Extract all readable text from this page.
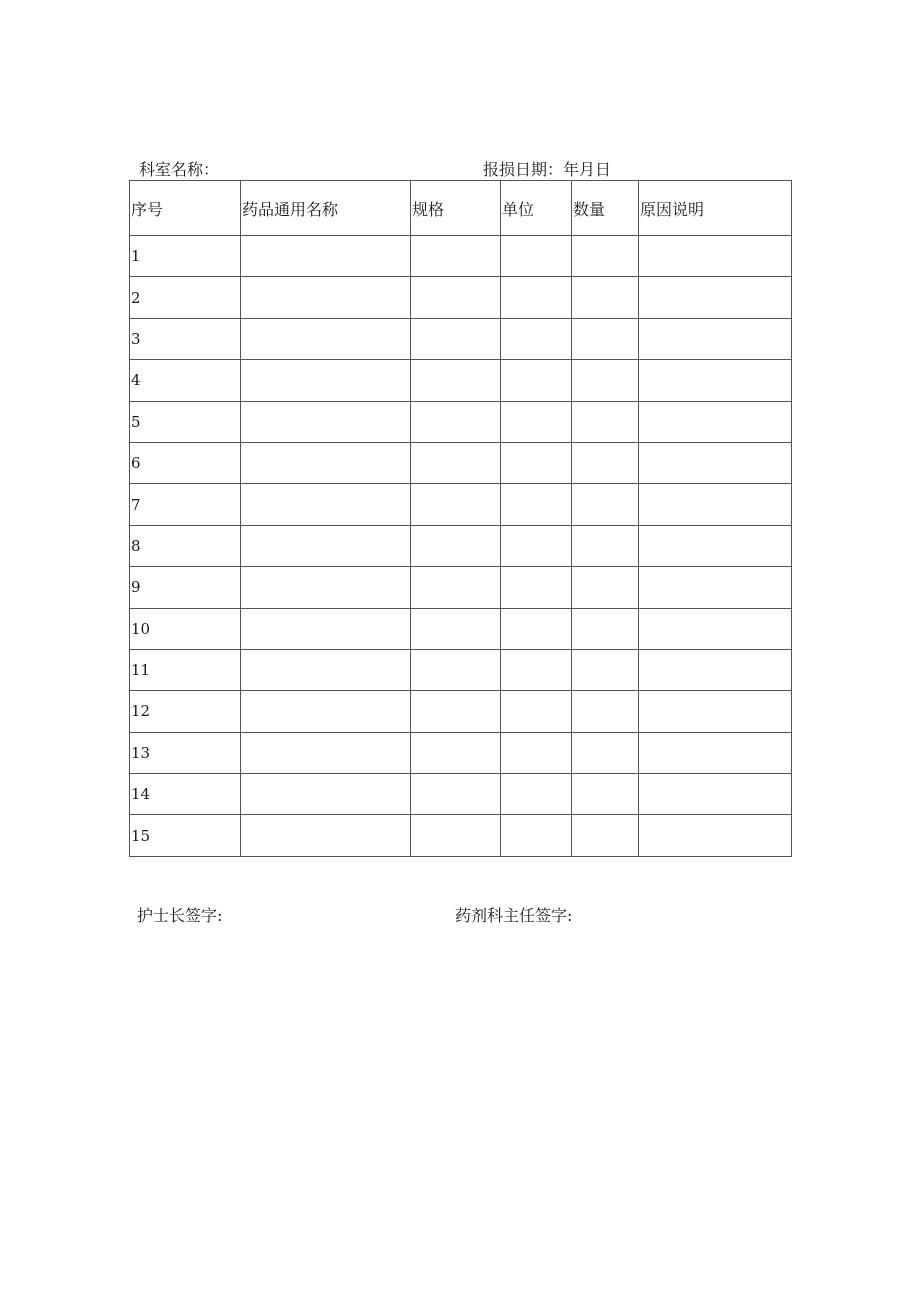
科室名称：	报损日期：年月日
序号	药品通用名称	规格	单位	数量	原因说明
1					
2					
3					
4					
5					
6					
7					
8					
9					
10					
11					
12					
13					
14					
15					
护士长签字:	药剂科主任签字:
